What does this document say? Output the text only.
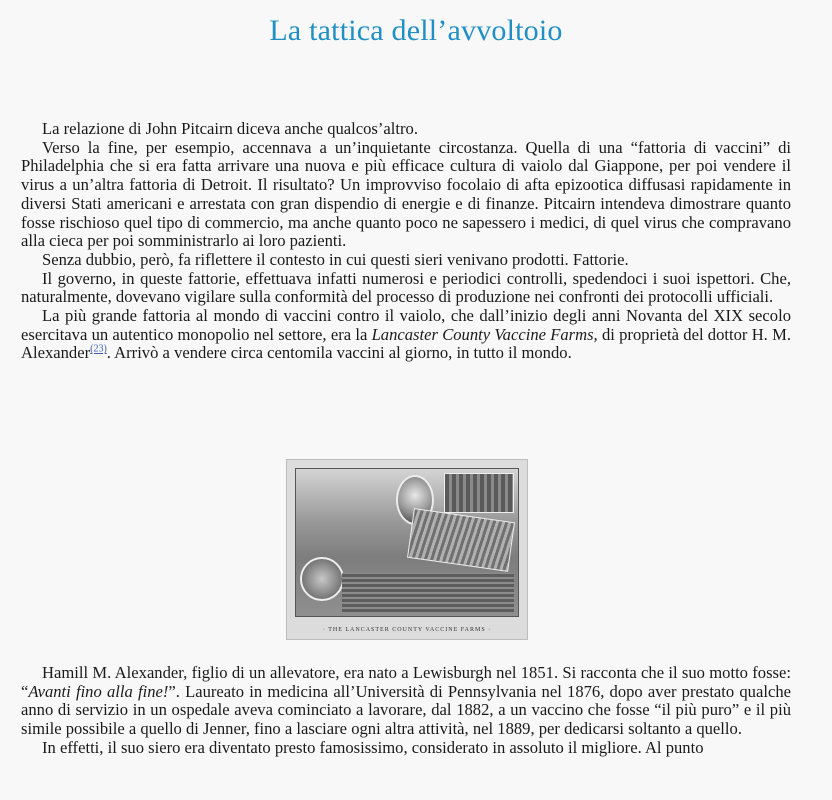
La tattica dell’avvoltoio

La relazione di John Pitcairn diceva anche qualcos’altro.

Verso la fine, per esempio, accennava a un’inquietante circostanza. Quella di una “fattoria di vaccini” di Philadelphia che si era fatta arrivare una nuova e più efficace cultura di vaiolo dal Giappone, per poi vendere il virus a un’altra fattoria di Detroit. Il risultato? Un improvviso focolaio di afta epizootica diffusasi rapidamente in diversi Stati americani e arrestata con gran dispendio di energie e di finanze. Pitcairn intendeva dimostrare quanto fosse rischioso quel tipo di commercio, ma anche quanto poco ne sapessero i medici, di quel virus che compravano alla cieca per poi somministrarlo ai loro pazienti.

Senza dubbio, però, fa riflettere il contesto in cui questi sieri venivano prodotti. Fattorie.

Il governo, in queste fattorie, effettuava infatti numerosi e periodici controlli, spedendoci i suoi ispettori. Che, naturalmente, dovevano vigilare sulla conformità del processo di produzione nei confronti dei protocolli ufficiali.

La più grande fattoria al mondo di vaccini contro il vaiolo, che dall’inizio degli anni Novanta del XIX secolo esercitava un autentico monopolio nel settore, era la Lancaster County Vaccine Farms, di proprietà del dottor H. M. Alexander$^{(23)}$. Arrivò a vendere circa centomila vaccini al giorno, in tutto il mondo.

· THE LANCASTER COUNTY VACCINE FARMS ·

Hamill M. Alexander, figlio di un allevatore, era nato a Lewisburgh nel 1851. Si racconta che il suo motto fosse: “Avanti fino alla fine!”. Laureato in medicina all’Università di Pennsylvania nel 1876, dopo aver prestato qualche anno di servizio in un ospedale aveva cominciato a lavorare, dal 1882, a un vaccino che fosse “il più puro” e il più simile possibile a quello di Jenner, fino a lasciare ogni altra attività, nel 1889, per dedicarsi soltanto a quello.

In effetti, il suo siero era diventato presto famosissimo, considerato in assoluto il migliore. Al punto
